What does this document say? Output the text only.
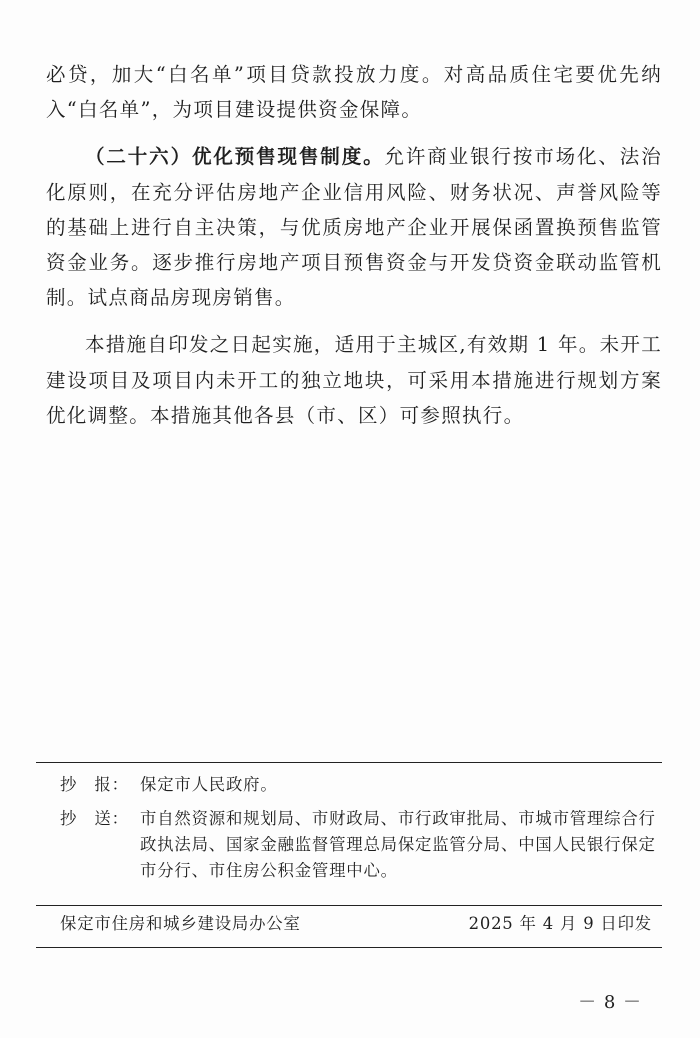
必贷，加大“白名单”项目贷款投放力度。对高品质住宅要优先纳入“白名单”，为项目建设提供资金保障。

（二十六）优化预售现售制度。允许商业银行按市场化、法治化原则，在充分评估房地产企业信用风险、财务状况、声誉风险等的基础上进行自主决策，与优质房地产企业开展保函置换预售监管资金业务。逐步推行房地产项目预售资金与开发贷资金联动监管机制。试点商品房现房销售。

本措施自印发之日起实施，适用于主城区,有效期 1 年。未开工建设项目及项目内未开工的独立地块，可采用本措施进行规划方案优化调整。本措施其他各县（市、区）可参照执行。

抄　报： 保定市人民政府。
抄　送： 市自然资源和规划局、市财政局、市行政审批局、市城市管理综合行政执法局、国家金融监督管理总局保定监管分局、中国人民银行保定市分行、市住房公积金管理中心。
保定市住房和城乡建设局办公室	2025 年 4 月 9 日印发
－ 8 －
